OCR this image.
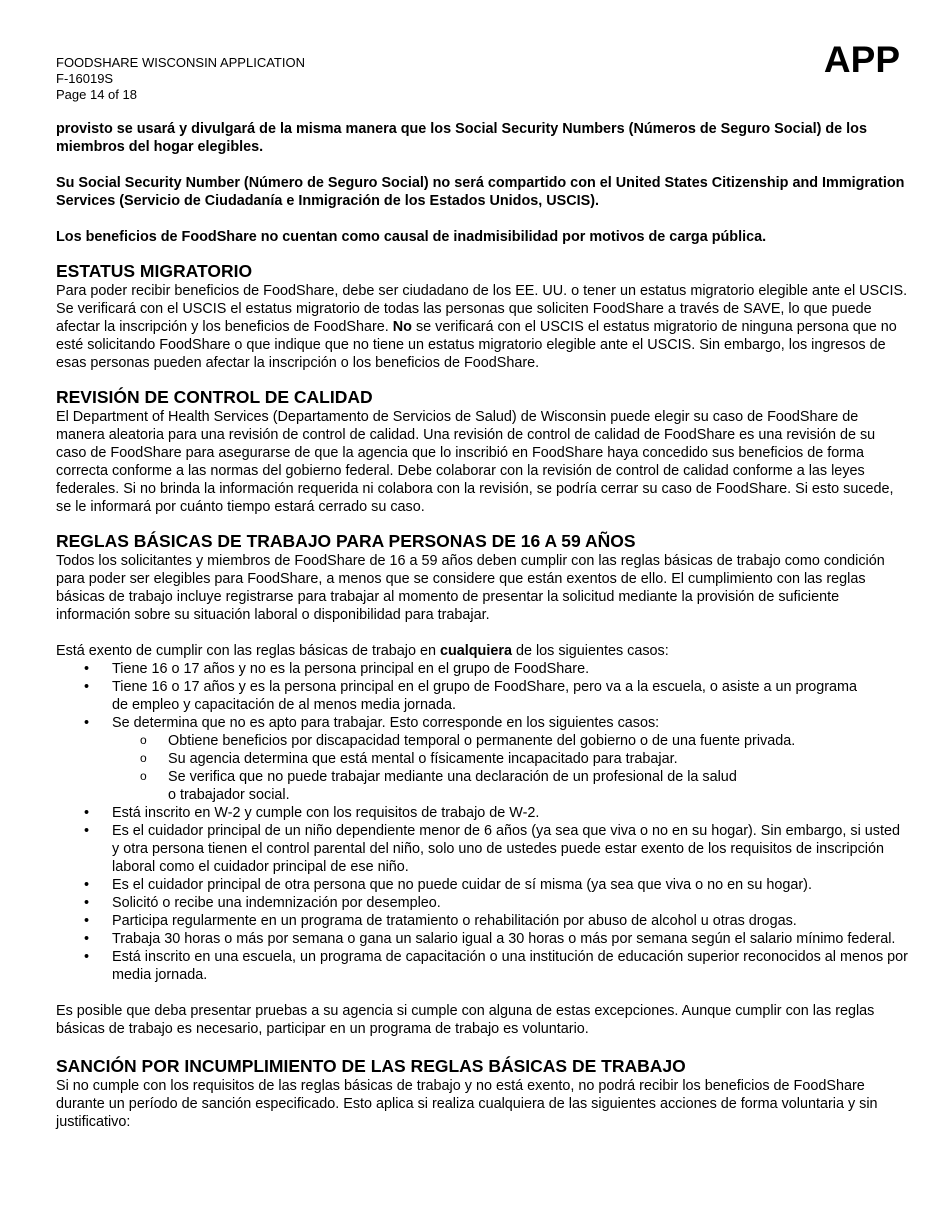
FOODSHARE WISCONSIN APPLICATION
F-16019S
Page 14 of 18
APP

provisto se usará y divulgará de la misma manera que los Social Security Numbers (Números de Seguro Social) de los miembros del hogar elegibles.

Su Social Security Number (Número de Seguro Social) no será compartido con el United States Citizenship and Immigration Services (Servicio de Ciudadanía e Inmigración de los Estados Unidos, USCIS).

Los beneficios de FoodShare no cuentan como causal de inadmisibilidad por motivos de carga pública.

ESTATUS MIGRATORIO

Para poder recibir beneficios de FoodShare, debe ser ciudadano de los EE. UU. o tener un estatus migratorio elegible ante el USCIS. Se verificará con el USCIS el estatus migratorio de todas las personas que soliciten FoodShare a través de SAVE, lo que puede afectar la inscripción y los beneficios de FoodShare. No se verificará con el USCIS el estatus migratorio de ninguna persona que no esté solicitando FoodShare o que indique que no tiene un estatus migratorio elegible ante el USCIS. Sin embargo, los ingresos de esas personas pueden afectar la inscripción o los beneficios de FoodShare.

REVISIÓN DE CONTROL DE CALIDAD

El Department of Health Services (Departamento de Servicios de Salud) de Wisconsin puede elegir su caso de FoodShare de manera aleatoria para una revisión de control de calidad. Una revisión de control de calidad de FoodShare es una revisión de su caso de FoodShare para asegurarse de que la agencia que lo inscribió en FoodShare haya concedido sus beneficios de forma correcta conforme a las normas del gobierno federal. Debe colaborar con la revisión de control de calidad conforme a las leyes federales. Si no brinda la información requerida ni colabora con la revisión, se podría cerrar su caso de FoodShare. Si esto sucede, se le informará por cuánto tiempo estará cerrado su caso.

REGLAS BÁSICAS DE TRABAJO PARA PERSONAS DE 16 A 59 AÑOS

Todos los solicitantes y miembros de FoodShare de 16 a 59 años deben cumplir con las reglas básicas de trabajo como condición para poder ser elegibles para FoodShare, a menos que se considere que están exentos de ello. El cumplimiento con las reglas básicas de trabajo incluye registrarse para trabajar al momento de presentar la solicitud mediante la provisión de suficiente información sobre su situación laboral o disponibilidad para trabajar.

Está exento de cumplir con las reglas básicas de trabajo en cualquiera de los siguientes casos:

• Tiene 16 o 17 años y no es la persona principal en el grupo de FoodShare.
• Tiene 16 o 17 años y es la persona principal en el grupo de FoodShare, pero va a la escuela, o asiste a un programa
de empleo y capacitación de al menos media jornada.
• Se determina que no es apto para trabajar. Esto corresponde en los siguientes casos:
o Obtiene beneficios por discapacidad temporal o permanente del gobierno o de una fuente privada.
o Su agencia determina que está mental o físicamente incapacitado para trabajar.
o Se verifica que no puede trabajar mediante una declaración de un profesional de la salud
o trabajador social.
• Está inscrito en W-2 y cumple con los requisitos de trabajo de W-2.
• Es el cuidador principal de un niño dependiente menor de 6 años (ya sea que viva o no en su hogar). Sin embargo, si usted y otra persona tienen el control parental del niño, solo uno de ustedes puede estar exento de los requisitos de inscripción laboral como el cuidador principal de ese niño.
• Es el cuidador principal de otra persona que no puede cuidar de sí misma (ya sea que viva o no en su hogar).
• Solicitó o recibe una indemnización por desempleo.
• Participa regularmente en un programa de tratamiento o rehabilitación por abuso de alcohol u otras drogas.
• Trabaja 30 horas o más por semana o gana un salario igual a 30 horas o más por semana según el salario mínimo federal.
• Está inscrito en una escuela, un programa de capacitación o una institución de educación superior reconocidos al menos por media jornada.

Es posible que deba presentar pruebas a su agencia si cumple con alguna de estas excepciones. Aunque cumplir con las reglas básicas de trabajo es necesario, participar en un programa de trabajo es voluntario.

SANCIÓN POR INCUMPLIMIENTO DE LAS REGLAS BÁSICAS DE TRABAJO

Si no cumple con los requisitos de las reglas básicas de trabajo y no está exento, no podrá recibir los beneficios de FoodShare durante un período de sanción especificado. Esto aplica si realiza cualquiera de las siguientes acciones de forma voluntaria y sin justificativo:
